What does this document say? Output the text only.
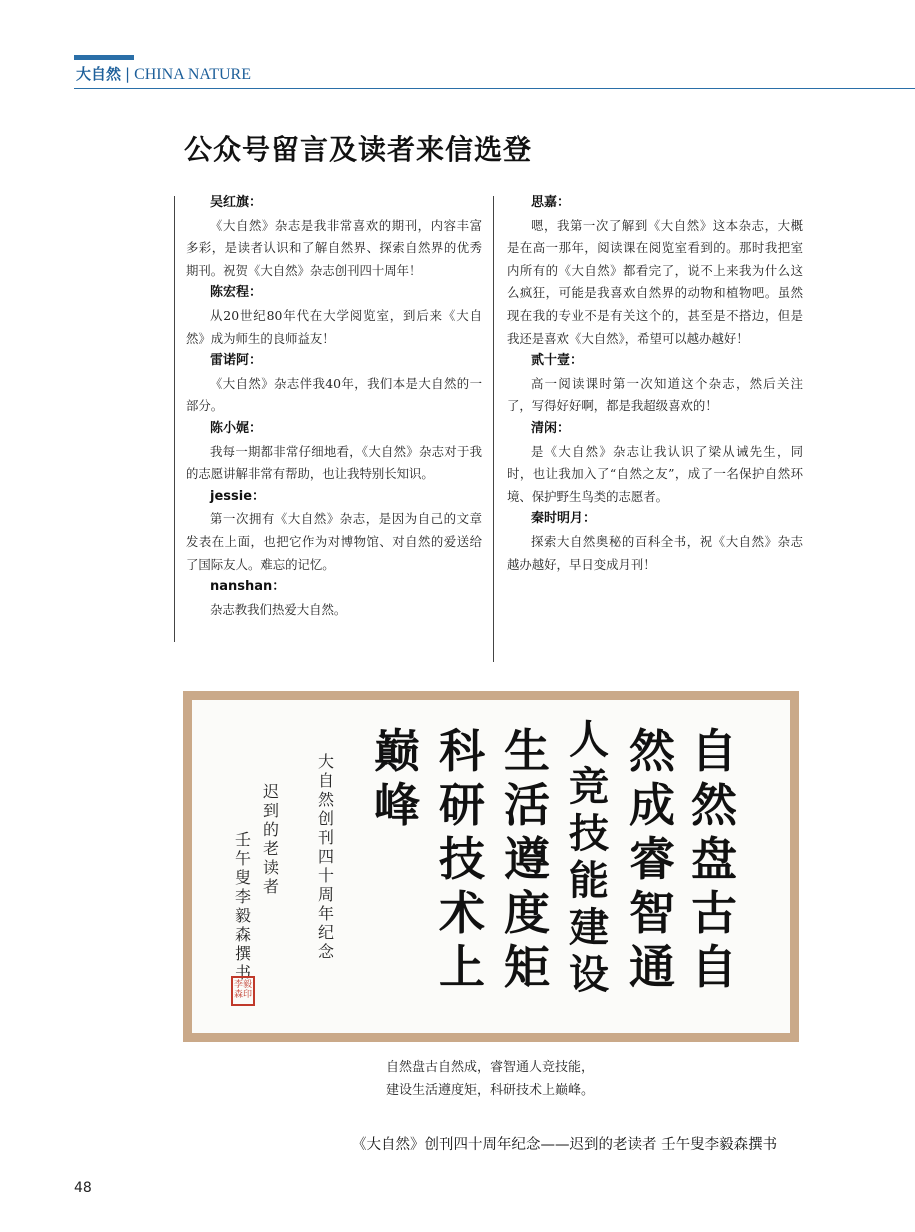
大自然 | CHINA NATURE
公众号留言及读者来信选登
吴红旗：
《大自然》杂志是我非常喜欢的期刊，内容丰富多彩，是读者认识和了解自然界、探索自然界的优秀期刊。祝贺《大自然》杂志创刊四十周年！
陈宏程：
从20世纪80年代在大学阅览室，到后来《大自然》成为师生的良师益友！
雷诺阿：
《大自然》杂志伴我40年，我们本是大自然的一部分。
陈小娓：
我每一期都非常仔细地看，《大自然》杂志对于我的志愿讲解非常有帮助，也让我特别长知识。
jessie：
第一次拥有《大自然》杂志，是因为自己的文章发表在上面，也把它作为对博物馆、对自然的爱送给了国际友人。难忘的记忆。
nanshan：
杂志教我们热爱大自然。
思嘉：
嗯，我第一次了解到《大自然》这本杂志，大概是在高一那年，阅读课在阅览室看到的。那时我把室内所有的《大自然》都看完了，说不上来我为什么这么疯狂，可能是我喜欢自然界的动物和植物吧。虽然现在我的专业不是有关这个的，甚至是不搭边，但是我还是喜欢《大自然》，希望可以越办越好！
贰十壹：
高一阅读课时第一次知道这个杂志，然后关注了，写得好好啊，都是我超级喜欢的！
清闲：
是《大自然》杂志让我认识了梁从诫先生，同时，也让我加入了“自然之友”，成了一名保护自然环境、保护野生鸟类的志愿者。
秦时明月：
探索大自然奥秘的百科全书，祝《大自然》杂志越办越好，早日变成月刊！
自然盘古自
然成睿智通
人竞技能建设
生活遵度矩
科研技术上
巅峰
大自然创刊四十周年纪念
迟到的老读者
壬午叟李毅森撰书
李毅森印
自然盘古自然成，睿智通人竞技能，
建设生活遵度矩，科研技术上巅峰。
《大自然》创刊四十周年纪念——迟到的老读者 壬午叟李毅森撰书
48
